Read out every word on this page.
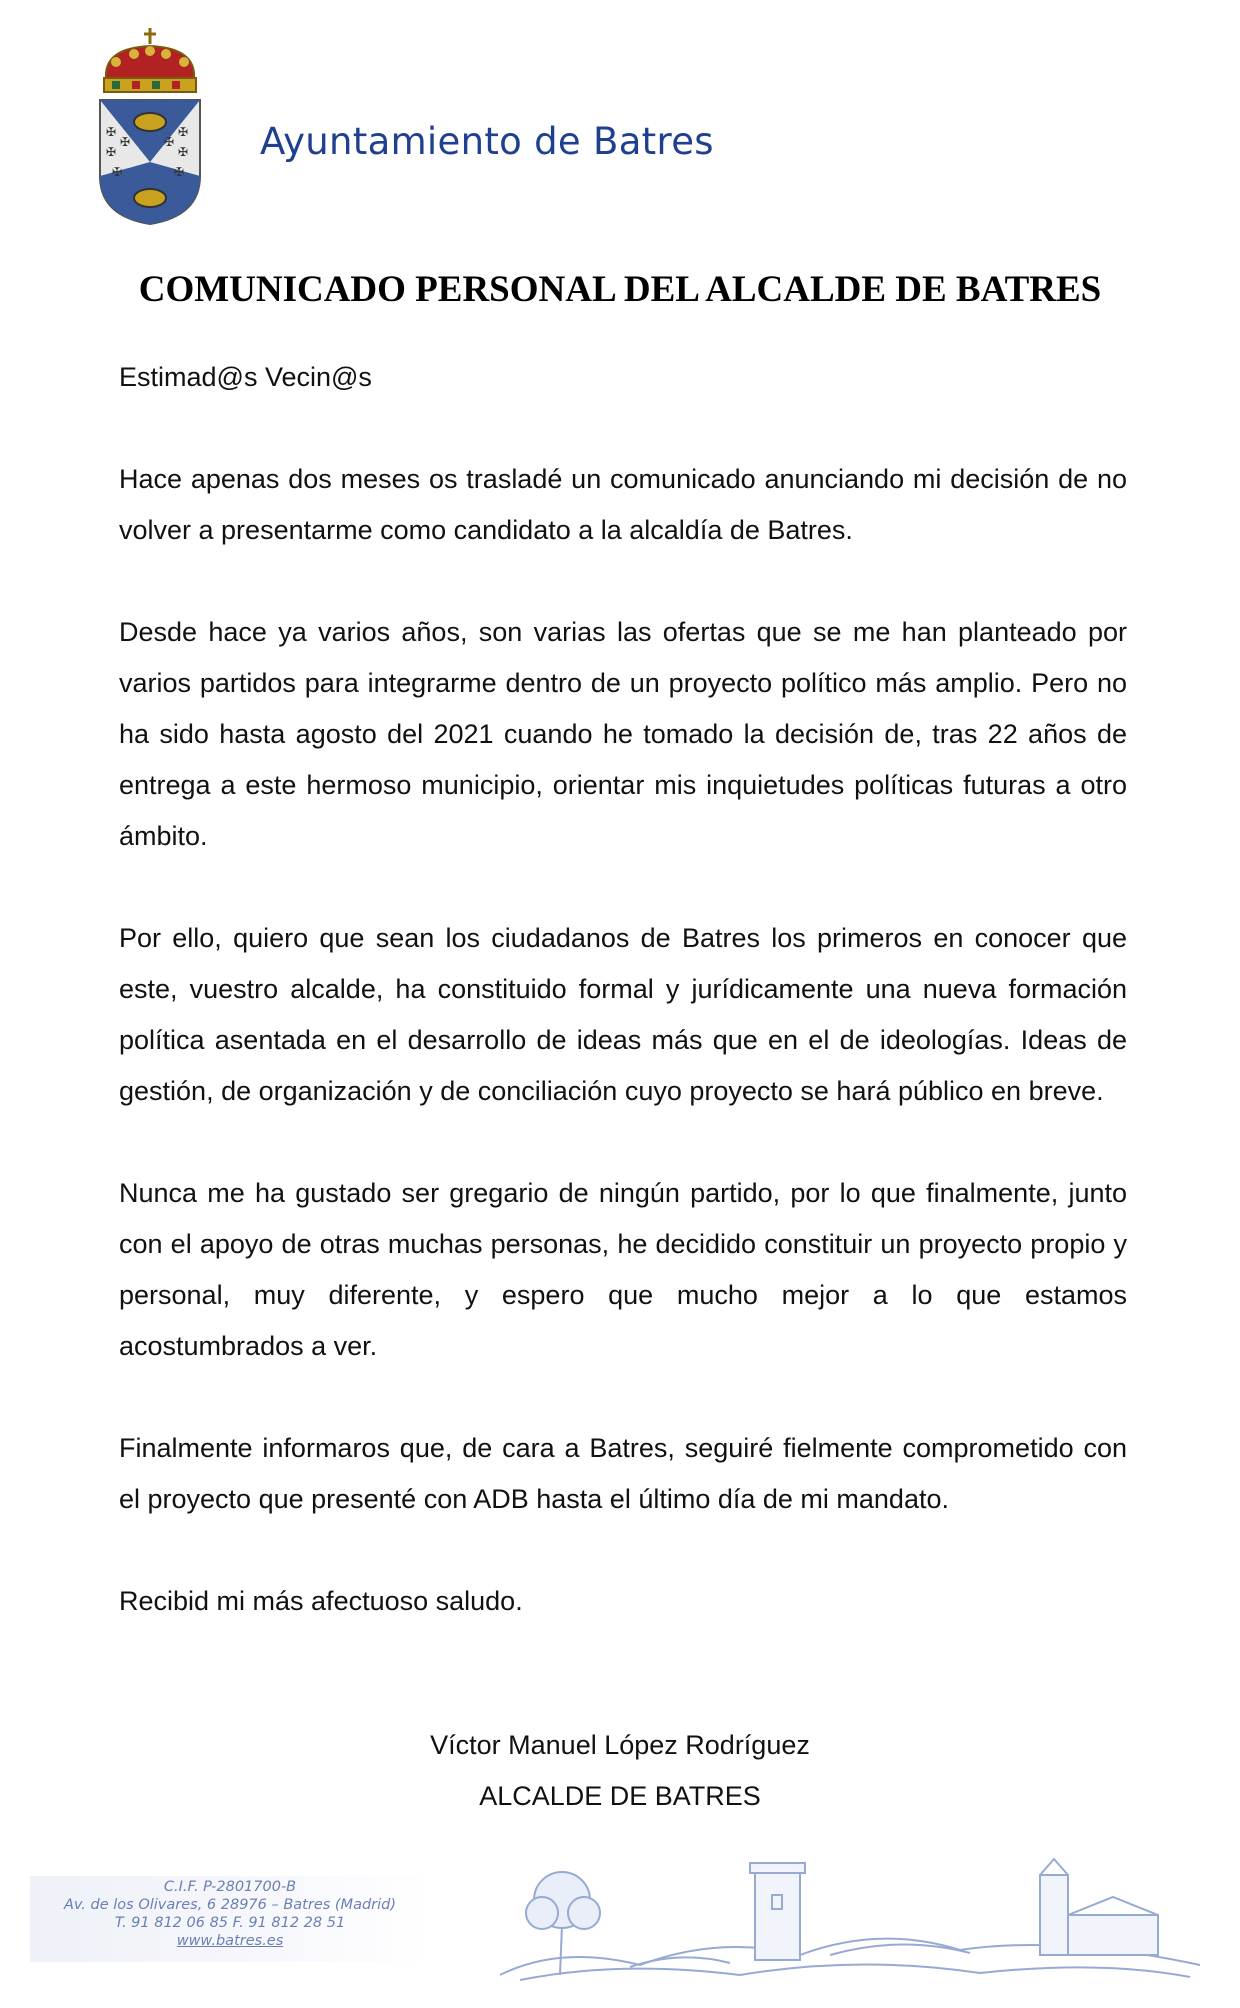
✠
✠
✠
✠
✠
✠
✠	✠
Ayuntamiento de Batres
COMUNICADO PERSONAL DEL ALCALDE DE BATRES

Estimad@s Vecin@s

Hace apenas dos meses os trasladé un comunicado anunciando mi decisión de no volver a presentarme como candidato a la alcaldía de Batres.

Desde hace ya varios años, son varias las ofertas que se me han planteado por varios partidos para integrarme dentro de un proyecto político más amplio. Pero no ha sido hasta agosto del 2021 cuando he tomado la decisión de, tras 22 años de entrega a este hermoso municipio, orientar mis inquietudes políticas futuras a otro ámbito.

Por ello, quiero que sean los ciudadanos de Batres los primeros en conocer que este, vuestro alcalde, ha constituido formal y jurídicamente una nueva formación política asentada en el desarrollo de ideas más que en el de ideologías. Ideas de gestión, de organización y de conciliación cuyo proyecto se hará público en breve.

Nunca me ha gustado ser gregario de ningún partido, por lo que finalmente, junto con el apoyo de otras muchas personas, he decidido constituir un proyecto propio y personal, muy diferente, y espero que mucho mejor a lo que estamos acostumbrados a ver.

Finalmente informaros que, de cara a Batres, seguiré fielmente comprometido con el proyecto que presenté con ADB hasta el último día de mi mandato.

Recibid mi más afectuoso saludo.

Víctor Manuel López Rodríguez
ALCALDE DE BATRES
C.I.F. P-2801700-B
Av. de los Olivares, 6 28976 – Batres (Madrid)
T. 91 812 06 85 F. 91 812 28 51
www.batres.es
